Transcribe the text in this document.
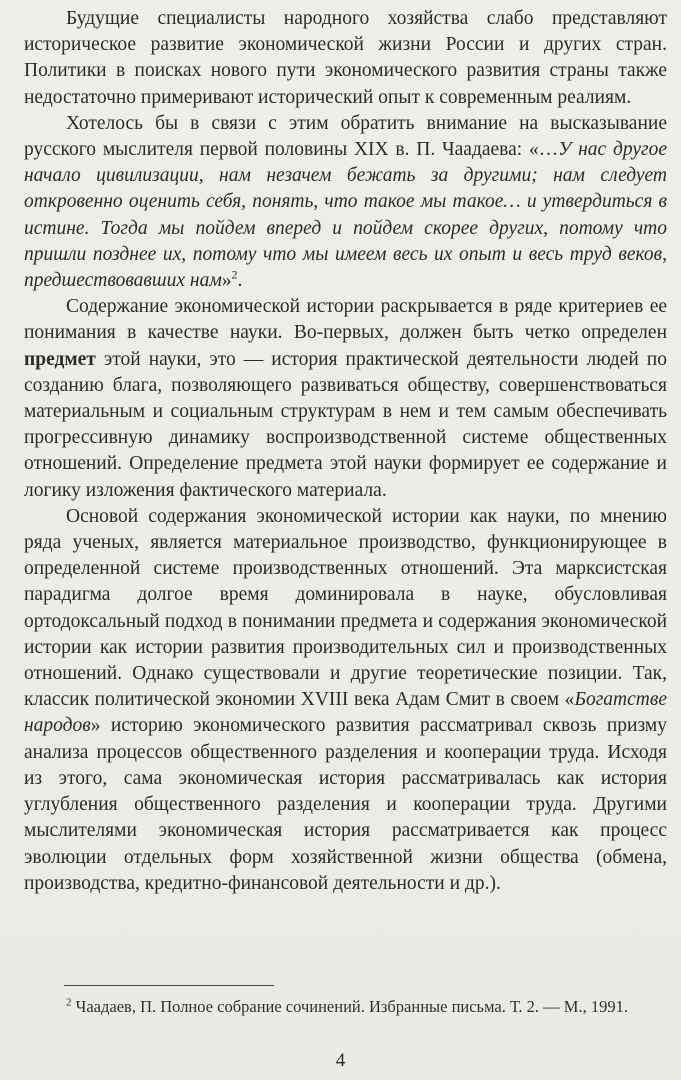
Будущие специалисты народного хозяйства слабо представляют историческое развитие экономической жизни России и других стран. Политики в поисках нового пути экономического развития страны также недостаточно примеривают исторический опыт к современным реалиям.

Хотелось бы в связи с этим обратить внимание на высказывание русского мыслителя первой половины XIX в. П. Чаадаева: «…У нас другое начало цивилизации, нам незачем бежать за другими; нам следует откровенно оценить себя, понять, что такое мы такое… и утвердиться в истине. Тогда мы пойдем вперед и пойдем скорее других, потому что пришли позднее их, потому что мы имеем весь их опыт и весь труд веков, предшествовавших нам»$^2$.

Содержание экономической истории раскрывается в ряде критериев ее понимания в качестве науки. Во-первых, должен быть четко определен предмет этой науки, это — история практической деятельности людей по созданию блага, позволяющего развиваться обществу, совершенствоваться материальным и социальным структурам в нем и тем самым обеспечивать прогрессивную динамику воспроизводственной системе общественных отношений. Определение предмета этой науки формирует ее содержание и логику изложения фактического материала.

Основой содержания экономической истории как науки, по мнению ряда ученых, является материальное производство, функционирующее в определенной системе производственных отношений. Эта марксистская парадигма долгое время доминировала в науке, обусловливая ортодоксальный подход в понимании предмета и содержания экономической истории как истории развития производительных сил и производственных отношений. Однако существовали и другие теоретические позиции. Так, классик политической экономии XVIII века Адам Смит в своем «Богатстве народов» историю экономического развития рассматривал сквозь призму анализа процессов общественного разделения и кооперации труда. Исходя из этого, сама экономическая история рассматривалась как история углубления общественного разделения и кооперации труда. Другими мыслителями экономическая история рассматривается как процесс эволюции отдельных форм хозяйственной жизни общества (обмена, производства, кредитно-финансовой деятельности и др.).

$^2$ Чаадаев, П. Полное собрание сочинений. Избранные письма. Т. 2. — М., 1991.

4
